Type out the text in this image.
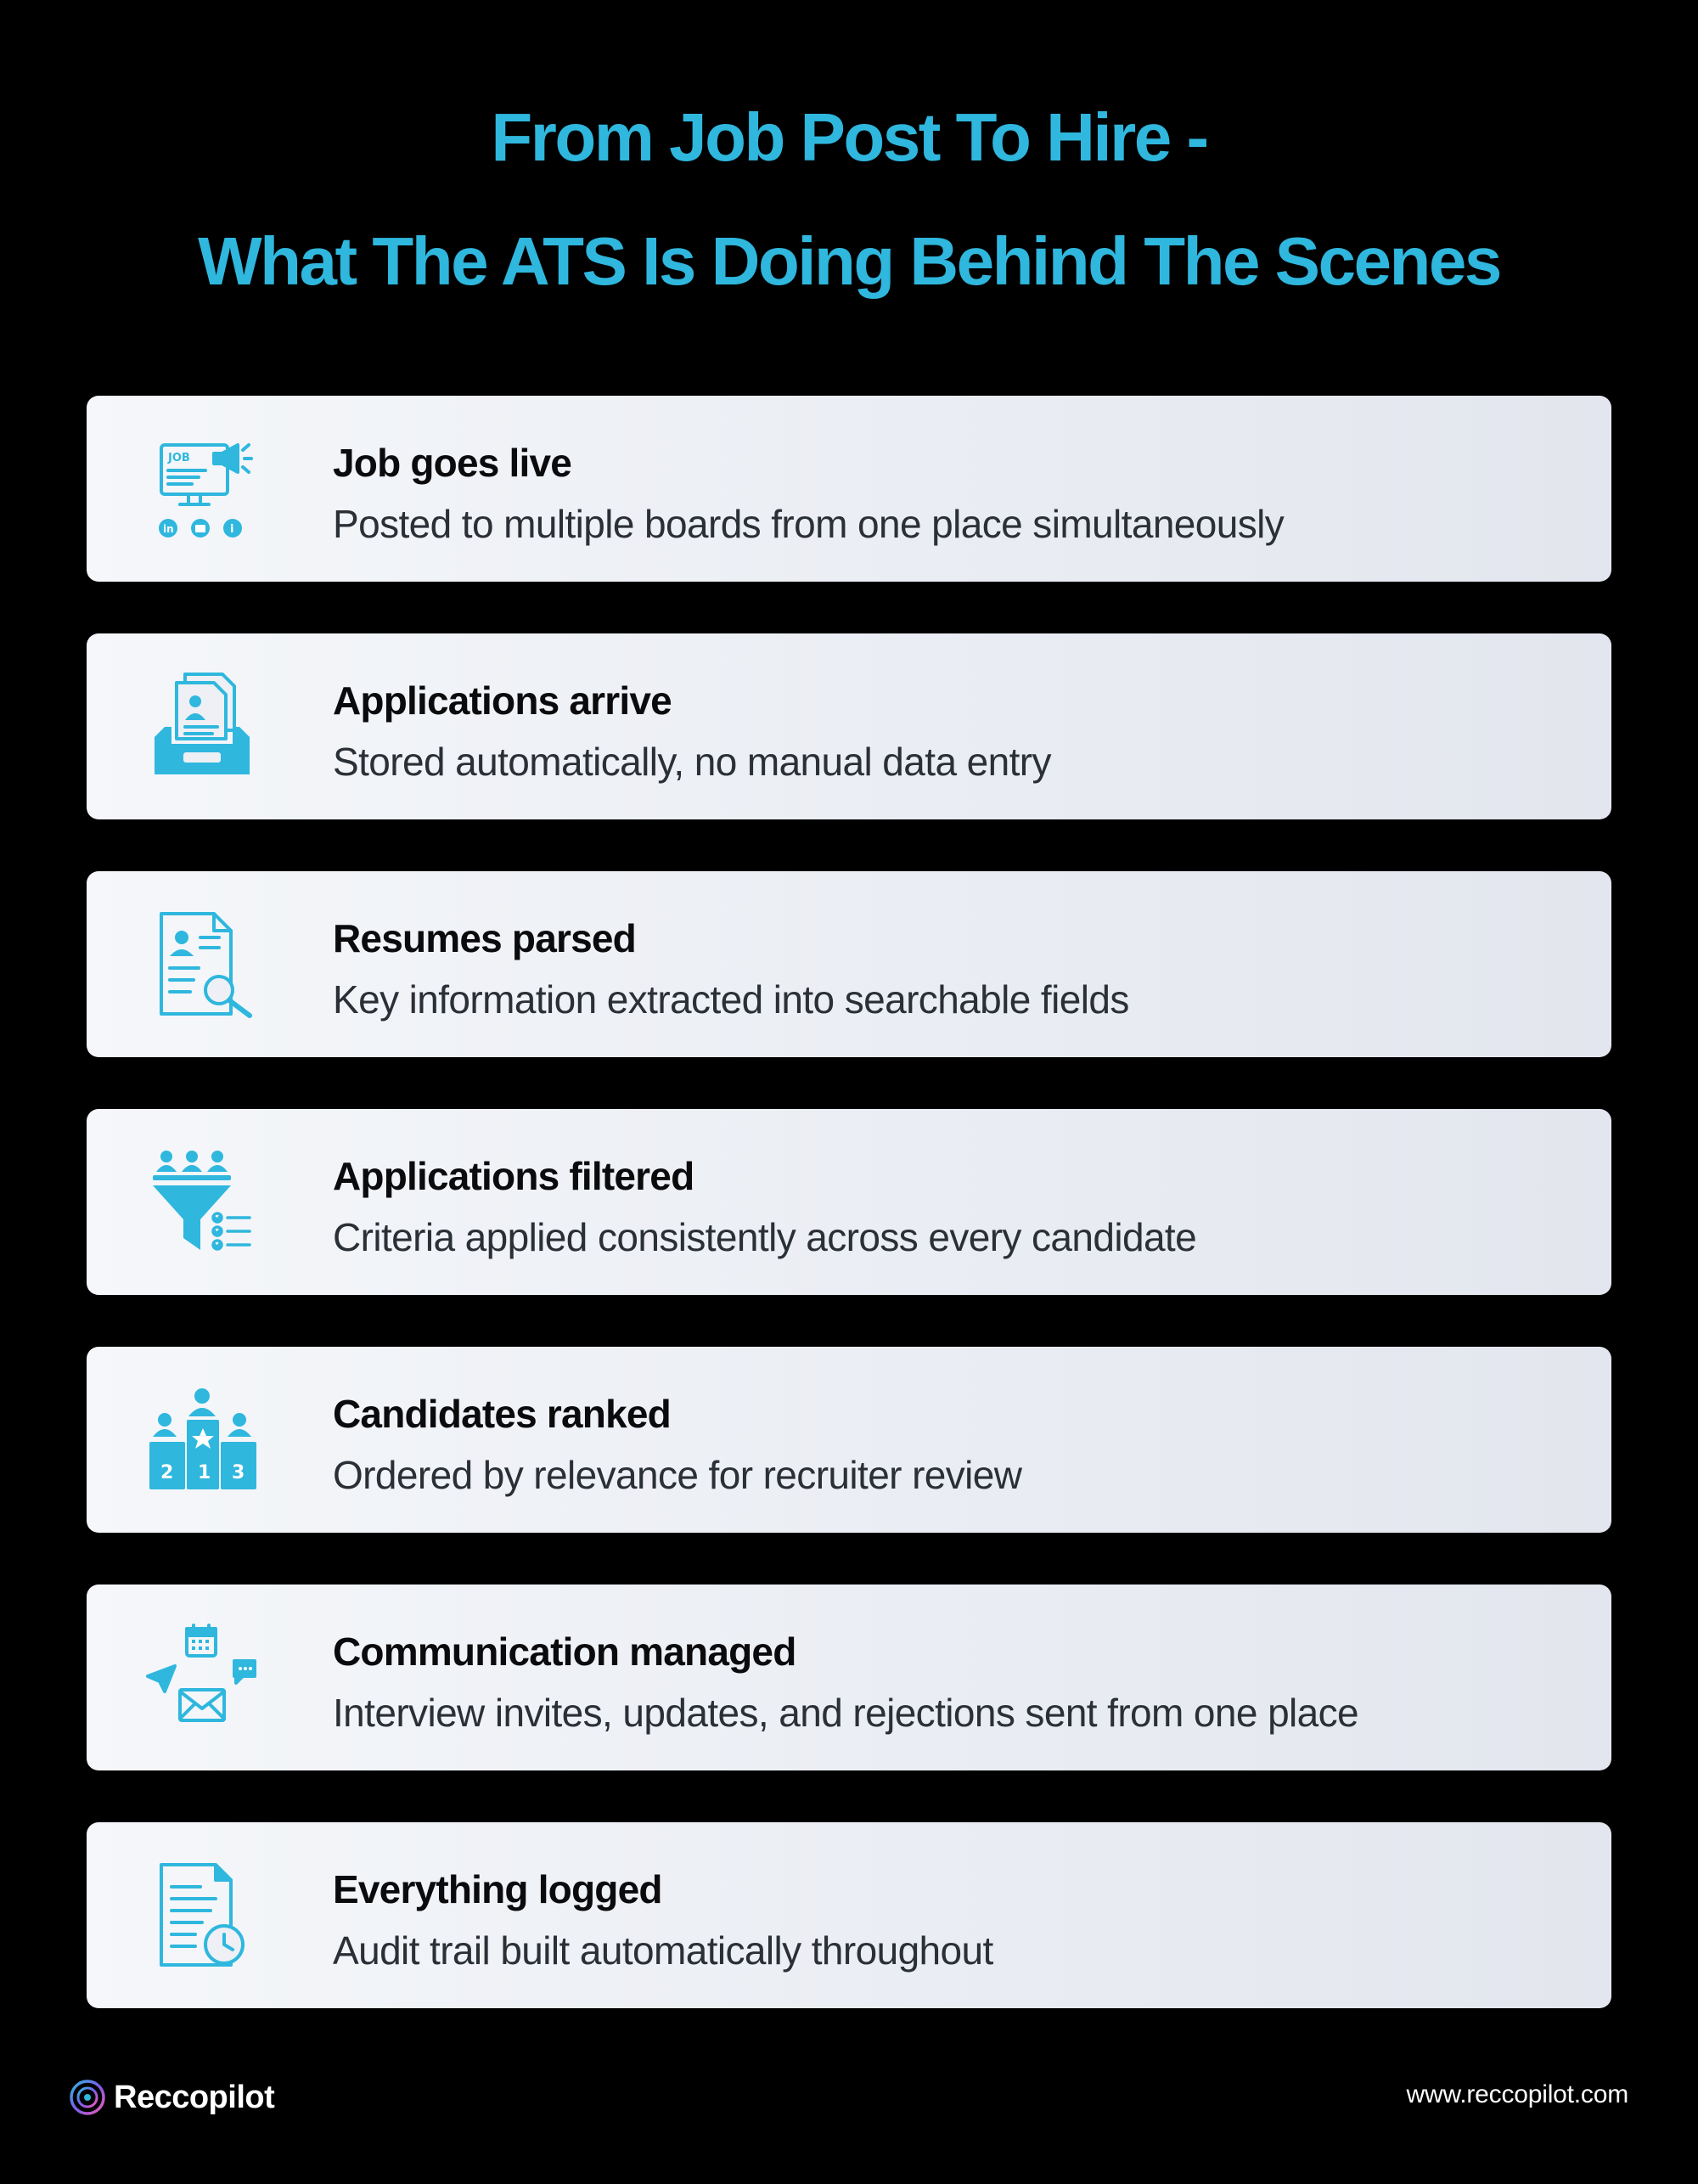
From Job Post To Hire -
What The ATS Is Doing Behind The Scenes
JOB
in	i
Job goes live
Posted to multiple boards from one place simultaneously
Applications arrive
Stored automatically, no manual data entry
Resumes parsed
Key information extracted into searchable fields
Applications filtered
Criteria applied consistently across every candidate
1
2	3
Candidates ranked
Ordered by relevance for recruiter review
Communication managed
Interview invites, updates, and rejections sent from one place
Everything logged
Audit trail built automatically throughout
Reccopilot	www.reccopilot.com
